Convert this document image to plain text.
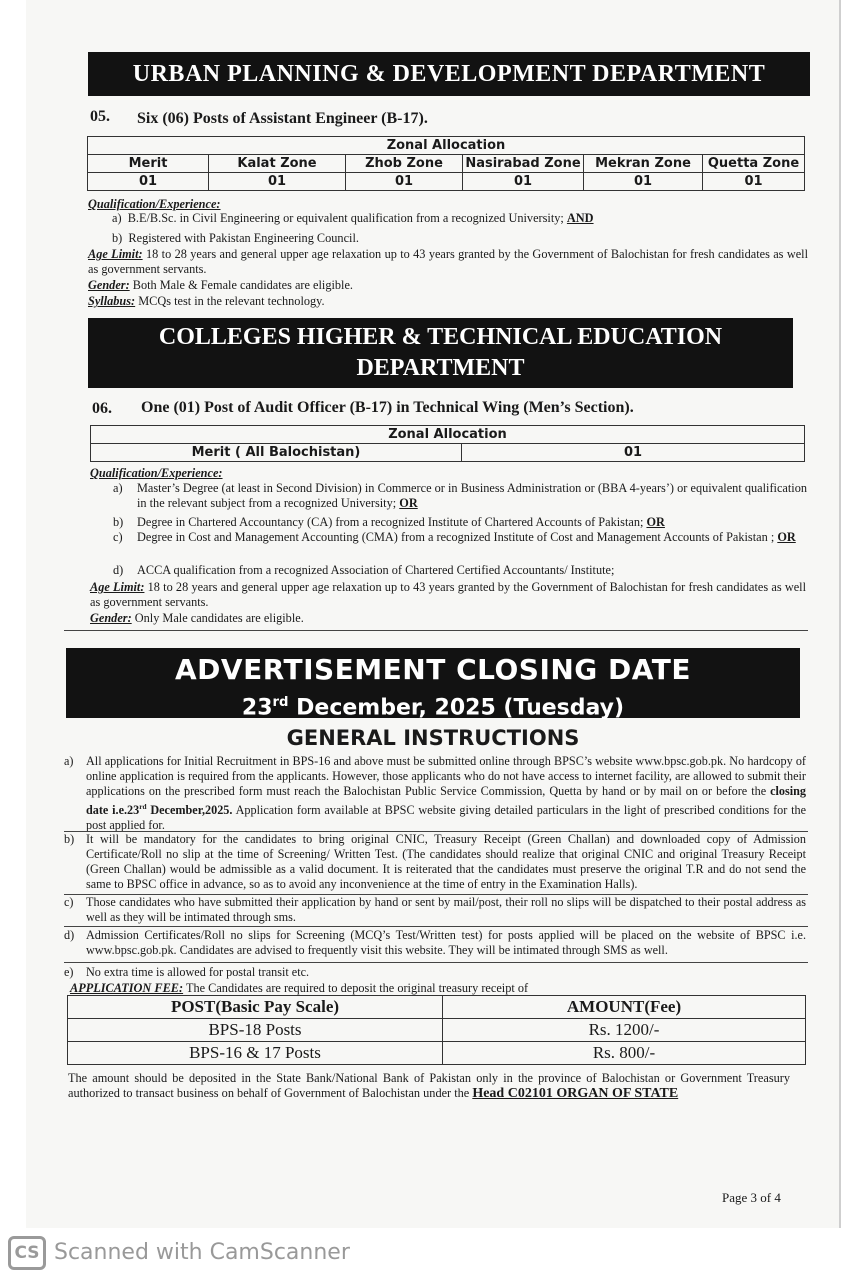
URBAN PLANNING & DEVELOPMENT DEPARTMENT
05. Six (06) Posts of Assistant Engineer (B-17).
Zonal Allocation					
Merit	Kalat Zone	Zhob Zone	Nasirabad Zone	Mekran Zone	Quetta Zone
01	01	01	01	01	01
Qualification/Experience:
a) B.E/B.Sc. in Civil Engineering or equivalent qualification from a recognized University; AND
b) Registered with Pakistan Engineering Council.
Age Limit: 18 to 28 years and general upper age relaxation up to 43 years granted by the Government of Balochistan for fresh candidates as well as government servants.
Gender: Both Male & Female candidates are eligible.
Syllabus: MCQs test in the relevant technology.
COLLEGES HIGHER & TECHNICAL EDUCATION
DEPARTMENT
06. One (01) Post of Audit Officer (B-17) in Technical Wing (Men’s Section).
Zonal Allocation
Merit ( All Balochistan)	01
Qualification/Experience:
a) Master’s Degree (at least in Second Division) in Commerce or in Business Administration or (BBA 4-years’) or equivalent qualification in the relevant subject from a recognized University; OR
b) Degree in Chartered Accountancy (CA) from a recognized Institute of Chartered Accounts of Pakistan; OR
c) Degree in Cost and Management Accounting (CMA) from a recognized Institute of Cost and Management Accounts of Pakistan ; OR
d) ACCA qualification from a recognized Association of Chartered Certified Accountants/ Institute;
Age Limit: 18 to 28 years and general upper age relaxation up to 43 years granted by the Government of Balochistan for fresh candidates as well as government servants.
Gender: Only Male candidates are eligible.
ADVERTISEMENT CLOSING DATE
23rd December, 2025 (Tuesday)
GENERAL INSTRUCTIONS
a) All applications for Initial Recruitment in BPS-16 and above must be submitted online through BPSC’s website www.bpsc.gob.pk. No hardcopy of online application is required from the applicants. However, those applicants who do not have access to internet facility, are allowed to submit their applications on the prescribed form must reach the Balochistan Public Service Commission, Quetta by hand or by mail on or before the closing date i.e.23rd December,2025. Application form available at BPSC website giving detailed particulars in the light of prescribed conditions for the post applied for.
b) It will be mandatory for the candidates to bring original CNIC, Treasury Receipt (Green Challan) and downloaded copy of Admission Certificate/Roll no slip at the time of Screening/ Written Test. (The candidates should realize that original CNIC and original Treasury Receipt (Green Challan) would be admissible as a valid document. It is reiterated that the candidates must preserve the original T.R and do not send the same to BPSC office in advance, so as to avoid any inconvenience at the time of entry in the Examination Halls).
c) Those candidates who have submitted their application by hand or sent by mail/post, their roll no slips will be dispatched to their postal address as well as they will be intimated through sms.
d) Admission Certificates/Roll no slips for Screening (MCQ’s Test/Written test) for posts applied will be placed on the website of BPSC i.e. www.bpsc.gob.pk. Candidates are advised to frequently visit this website. They will be intimated through SMS as well.
e) No extra time is allowed for postal transit etc.
APPLICATION FEE: The Candidates are required to deposit the original treasury receipt of
POST(Basic Pay Scale)	AMOUNT(Fee)
BPS-18 Posts	Rs. 1200/-
BPS-16 & 17 Posts	Rs. 800/-
The amount should be deposited in the State Bank/National Bank of Pakistan only in the province of Balochistan or Government Treasury authorized to transact business on behalf of Government of Balochistan under the Head C02101 ORGAN OF STATE
Page 3 of 4
CS Scanned with CamScanner
